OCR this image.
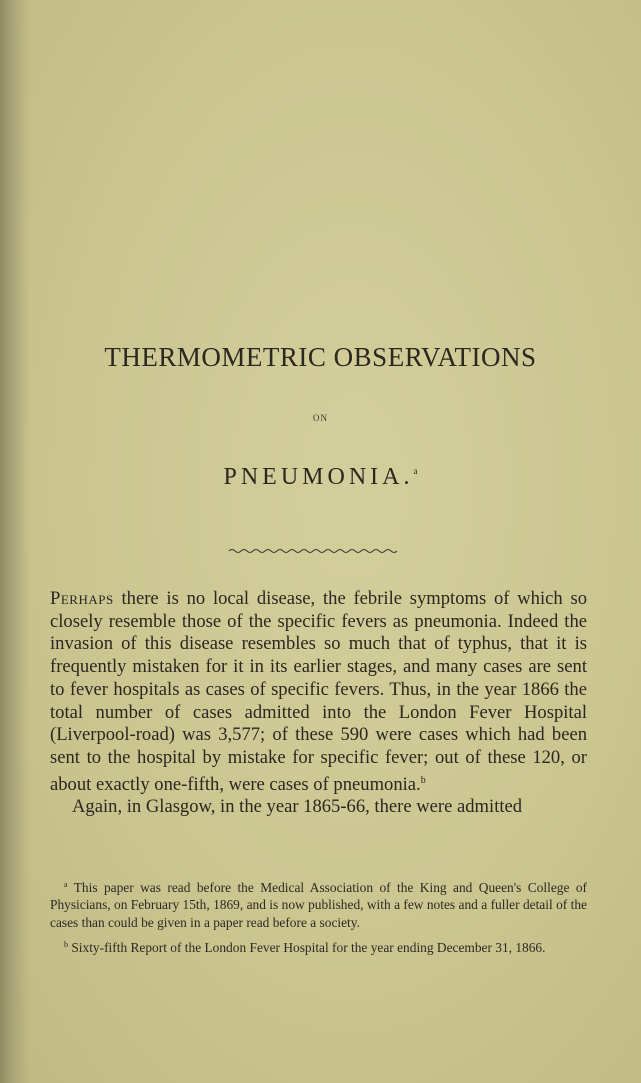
THERMOMETRIC OBSERVATIONS
ON
PNEUMONIA.$^a$

Perhaps there is no local disease, the febrile symptoms of which so closely resemble those of the specific fevers as pneumonia. Indeed the invasion of this disease resembles so much that of typhus, that it is frequently mistaken for it in its earlier stages, and many cases are sent to fever hospitals as cases of specific fevers. Thus, in the year 1866 the total number of cases admitted into the London Fever Hospital (Liverpool-road) was 3,577; of these 590 were cases which had been sent to the hospital by mistake for specific fever; out of these 120, or about exactly one-fifth, were cases of pneumonia.$^b$

Again, in Glasgow, in the year 1865-66, there were admitted

$^a$ This paper was read before the Medical Association of the King and Queen's College of Physicians, on February 15th, 1869, and is now published, with a few notes and a fuller detail of the cases than could be given in a paper read before a society.

$^b$ Sixty-fifth Report of the London Fever Hospital for the year ending December 31, 1866.
